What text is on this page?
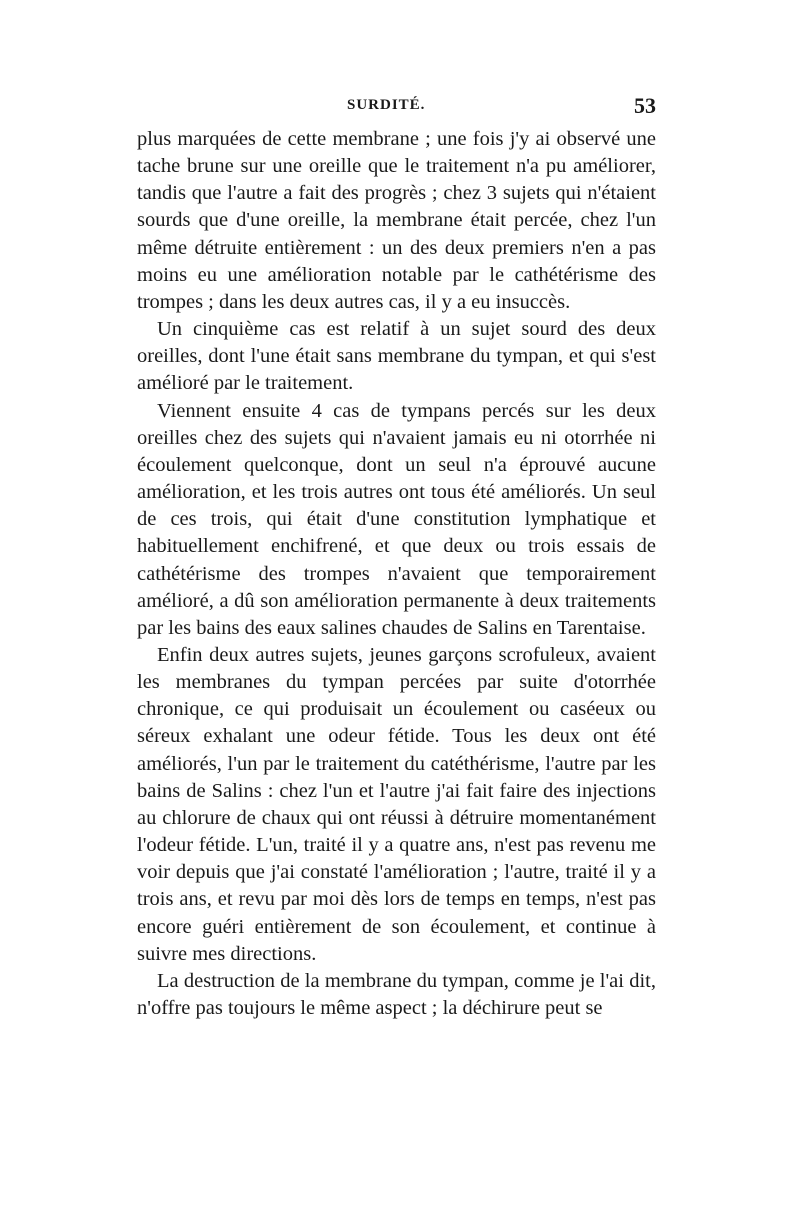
SURDITÉ.	53

plus marquées de cette membrane ; une fois j'y ai observé une tache brune sur une oreille que le traitement n'a pu améliorer, tandis que l'autre a fait des progrès ; chez 3 sujets qui n'étaient sourds que d'une oreille, la membrane était percée, chez l'un même détruite entièrement : un des deux premiers n'en a pas moins eu une amélioration notable par le cathétérisme des trompes ; dans les deux autres cas, il y a eu insuccès.

Un cinquième cas est relatif à un sujet sourd des deux oreilles, dont l'une était sans membrane du tympan, et qui s'est amélioré par le traitement.

Viennent ensuite 4 cas de tympans percés sur les deux oreilles chez des sujets qui n'avaient jamais eu ni otorrhée ni écoulement quelconque, dont un seul n'a éprouvé aucune amélioration, et les trois autres ont tous été améliorés. Un seul de ces trois, qui était d'une constitution lymphatique et habituellement enchifrené, et que deux ou trois essais de cathétérisme des trompes n'avaient que temporairement amélioré, a dû son amélioration permanente à deux traitements par les bains des eaux salines chaudes de Salins en Tarentaise.

Enfin deux autres sujets, jeunes garçons scrofuleux, avaient les membranes du tympan percées par suite d'otorrhée chronique, ce qui produisait un écoulement ou caséeux ou séreux exhalant une odeur fétide. Tous les deux ont été améliorés, l'un par le traitement du catéthérisme, l'autre par les bains de Salins : chez l'un et l'autre j'ai fait faire des injections au chlorure de chaux qui ont réussi à détruire momentanément l'odeur fétide. L'un, traité il y a quatre ans, n'est pas revenu me voir depuis que j'ai constaté l'amélioration ; l'autre, traité il y a trois ans, et revu par moi dès lors de temps en temps, n'est pas encore guéri entièrement de son écoulement, et continue à suivre mes directions.

La destruction de la membrane du tympan, comme je l'ai dit, n'offre pas toujours le même aspect ; la déchirure peut se
